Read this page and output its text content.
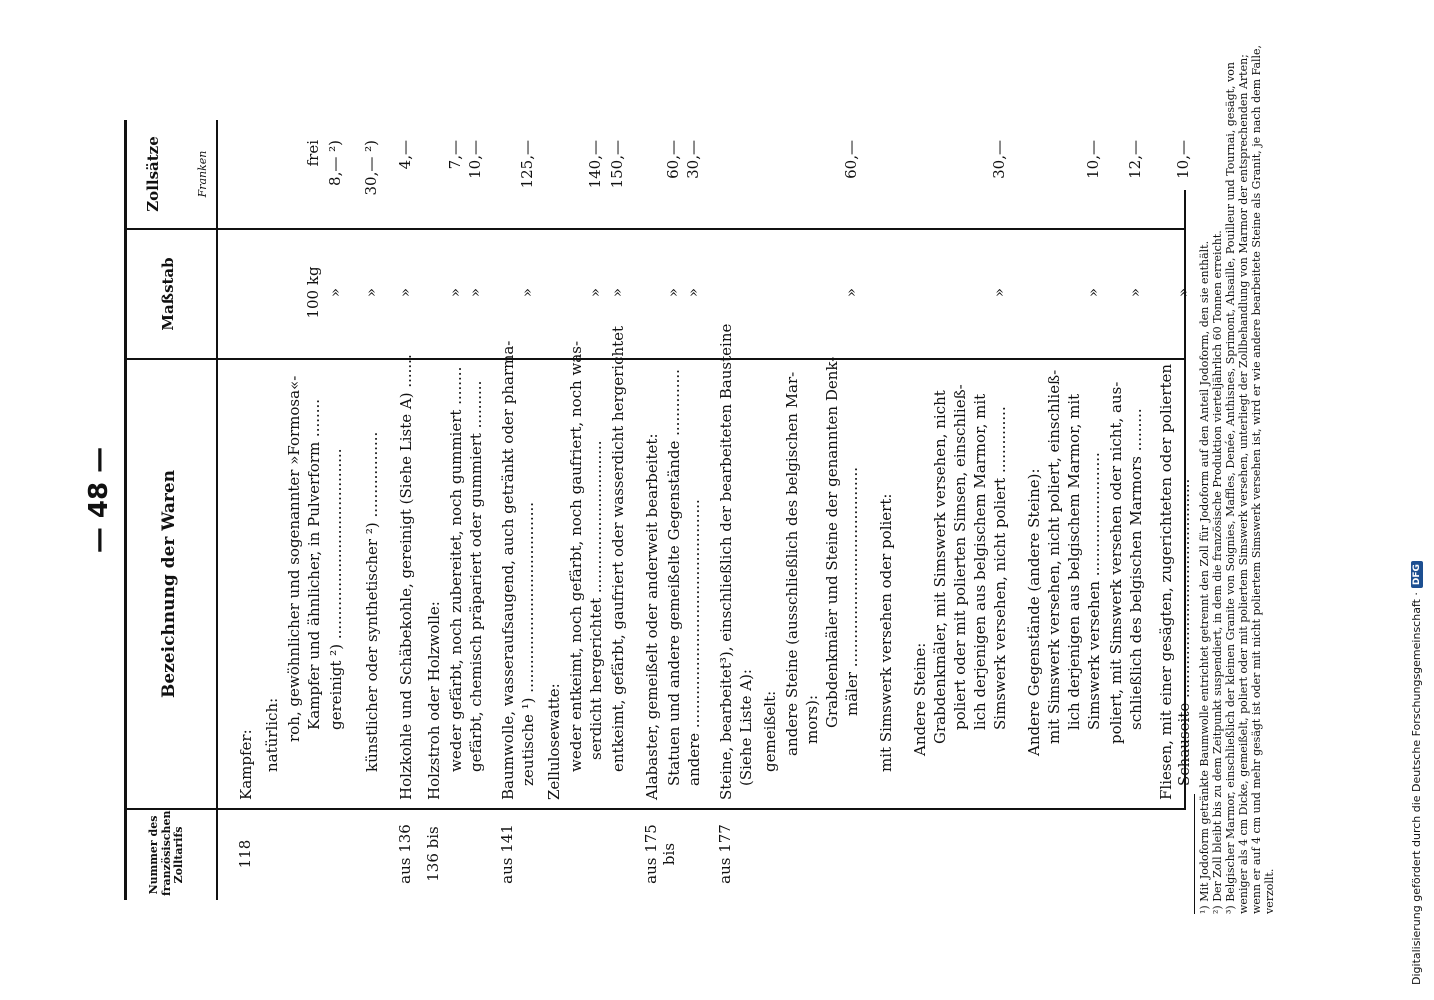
— 48 —
Nummer des französischen Zolltarifs
Bezeichnung der Waren
Maßstab
Zollsätze	Franken
118
Kampfer: natürlich: roh, gewöhnlicher und sogenannter »Formosa«- Kampfer und ähnlicher, in Pulverform ........
100 kg
frei
gereinigt ²) ........................................
»
8,— ²)
künstlicher oder synthetischer ²) ..................
»
30,— ²)
aus 136
Holzkohle und Schäbekohle, gereinigt (Siehe Liste A) .......
»
4,—
136 bis
Holzstroh oder Holzwolle: weder gefärbt, noch zubereitet, noch gummiert ........
»
7,—
gefärbt, chemisch präpariert oder gummiert ..........
»
10,—
aus 141
Baumwolle, wasseraufsaugend, auch getränkt oder pharma- zeutische ¹) ........................................
»
125,—
Zellulosewatte: weder entkeimt, noch gefärbt, noch gaufriert, noch was- serdicht hergerichtet ................................
»
140,—
entkeimt, gefärbt, gaufriert oder wasserdicht hergerichtet
»
150,—
aus 175 bis
Alabaster, gemeißelt oder anderweit bearbeitet: Statuen und andere gemeißelte Gegenstände ..............
»
60,—
andere ................................................
»
30,—
aus 177
Steine, bearbeitet³), einschließlich der bearbeiteten Bausteine (Siehe Liste A): gemeißelt: andere Steine (ausschließlich des belgischen Mar- mors): Grabdenkmäler und Steine der genannten Denk- mäler ..........................................
»
60,—
mit Simswerk versehen oder poliert: Andere Steine: Grabdenkmäler, mit Simswerk versehen, nicht poliert oder mit polierten Simsen, einschließ- lich derjenigen aus belgischem Marmor, mit Simswerk versehen, nicht poliert ..............
»
30,—
Andere Gegenstände (andere Steine): mit Simswerk versehen, nicht poliert, einschließ- lich derjenigen aus belgischem Marmor, mit Simswerk versehen ..........................
»
10,—
poliert, mit Simswerk versehen oder nicht, aus- schließlich des belgischen Marmors .........
»
12,—
Fliesen, mit einer gesägten, zugerichteten oder polierten Schauseite ..............................................
»
10,—
¹) Mit Jodoform getränkte Baumwolle entrichtet getrennt den Zoll für Jodoform auf den Anteil Jodoform, den sie enthält. ²) Der Zoll bleibt bis zu dem Zeitpunkt suspendiert, in dem die französische Produktion vierteljährlich 60 Tonnen erreicht. ³) Belgischer Marmor, einschließlich der kleinen Granite von Soignies, Maffles, Denée, Anthisnes, Sprimont, Ahsaille, Pouilleur und Tournai, gesägt, von weniger als 4 cm Dicke, gemeißelt, poliert oder mit poliertem Simswerk versehen, unterliegt der Zollbehandlung von Marmor der entsprechenden Arten; wenn er auf 4 cm und mehr gesägt ist oder mit nicht poliertem Simswerk versehen ist, wird er wie andere bearbeitete Steine als Granit, je nach dem Falle, verzollt.	Digitalisierung gefördert durch die Deutsche Forschungsgemeinschaft ·
DFG
